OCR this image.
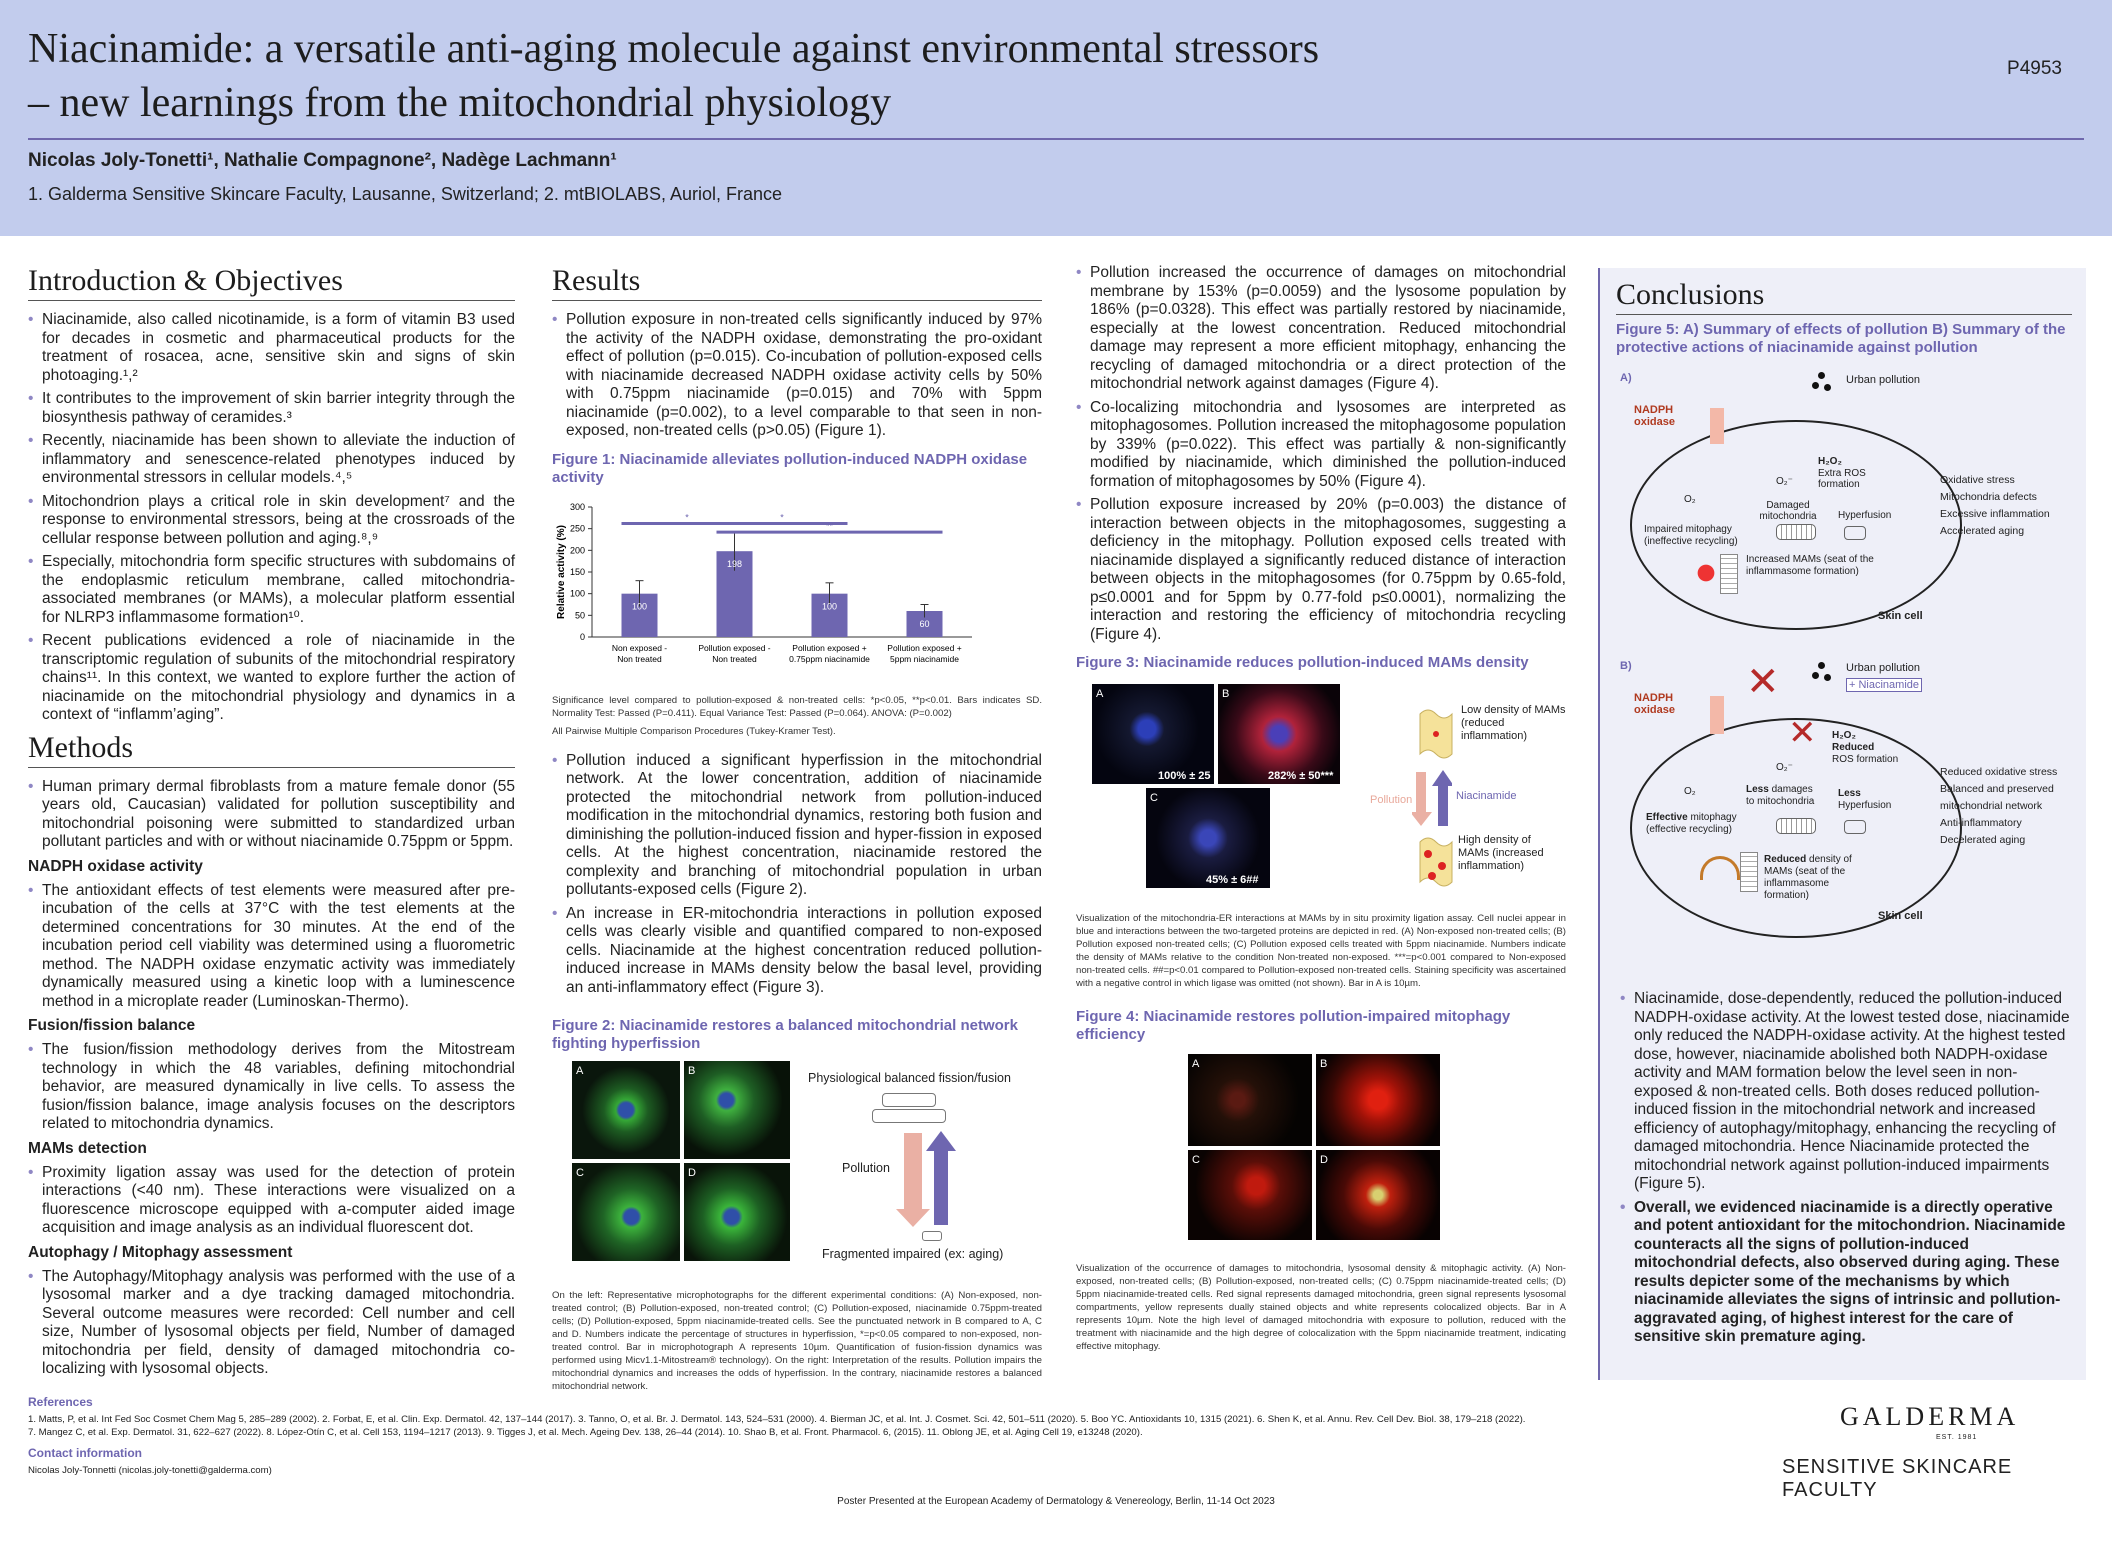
Niacinamide: a versatile anti-aging molecule against environmental stressors
– new learnings from the mitochondrial physiology
P4953
Nicolas Joly-Tonetti¹, Nathalie Compagnone², Nadège Lachmann¹
1. Galderma Sensitive Skincare Faculty, Lausanne, Switzerland; 2. mtBIOLABS, Auriol, France
Introduction & Objectives
• Niacinamide, also called nicotinamide, is a form of vitamin B3 used for decades in cosmetic and pharmaceutical products for the treatment of rosacea, acne, sensitive skin and signs of skin photoaging.¹,²
• It contributes to the improvement of skin barrier integrity through the biosynthesis pathway of ceramides.³
• Recently, niacinamide has been shown to alleviate the induction of inflammatory and senescence-related phenotypes induced by environmental stressors in cellular models.⁴,⁵
• Mitochondrion plays a critical role in skin development⁷ and the response to environmental stressors, being at the crossroads of the cellular response between pollution and aging.⁸,⁹
• Especially, mitochondria form specific structures with subdomains of the endoplasmic reticulum membrane, called mitochondria-associated membranes (or MAMs), a molecular platform essential for NLRP3 inflammasome formation¹⁰.
• Recent publications evidenced a role of niacinamide in the transcriptomic regulation of subunits of the mitochondrial respiratory chains¹¹. In this context, we wanted to explore further the action of niacinamide on the mitochondrial physiology and dynamics in a context of “inflamm’aging”.
Methods
• Human primary dermal fibroblasts from a mature female donor (55 years old, Caucasian) validated for pollution susceptibility and mitochondrial poisoning were submitted to standardized urban pollutant particles and with or without niacinamide 0.75ppm or 5ppm.
NADPH oxidase activity
• The antioxidant effects of test elements were measured after pre-incubation of the cells at 37°C with the test elements at the determined concentrations for 30 minutes. At the end of the incubation period cell viability was determined using a fluorometric method. The NADPH oxidase enzymatic activity was immediately dynamically measured using a kinetic loop with a luminescence method in a microplate reader (Luminoskan-Thermo).
Fusion/fission balance
• The fusion/fission methodology derives from the Mitostream technology in which the 48 variables, defining mitochondrial behavior, are measured dynamically in live cells. To assess the fusion/fission balance, image analysis focuses on the descriptors related to mitochondria dynamics.
MAMs detection
• Proximity ligation assay was used for the detection of protein interactions (<40 nm). These interactions were visualized on a fluorescence microscope equipped with a-computer aided image acquisition and image analysis as an individual fluorescent dot.
Autophagy / Mitophagy assessment
• The Autophagy/Mitophagy analysis was performed with the use of a lysosomal marker and a dye tracking damaged mitochondria. Several outcome measures were recorded: Cell number and cell size, Number of lysosomal objects per field, Number of damaged mitochondria per field, density of damaged mitochondria co-localizing with lysosomal objects.
Results
• Pollution exposure in non-treated cells significantly induced by 97% the activity of the NADPH oxidase, demonstrating the pro-oxidant effect of pollution (p=0.015). Co-incubation of pollution-exposed cells with niacinamide decreased NADPH oxidase activity cells by 50% with 0.75ppm niacinamide (p=0.015) and 70% with 5ppm niacinamide (p=0.002), to a level comparable to that seen in non-exposed, non-treated cells (p>0.05) (Figure 1).
Figure 1: Niacinamide alleviates pollution-induced NADPH oxidase activity
Relative activity (%)
0
50
100
150
200
250
300
100
Non exposed -
Non treated
198
Pollution exposed -
Non treated
100
Pollution exposed +
0.75ppm niacinamide
60
Pollution exposed +
5ppm niacinamide
*	*
**
Significance level compared to pollution-exposed & non-treated cells: *p<0.05, **p<0.01. Bars indicates SD. Normality Test: Passed (P=0.411). Equal Variance Test: Passed (P=0.064). ANOVA: (P=0.002)
All Pairwise Multiple Comparison Procedures (Tukey-Kramer Test).
• Pollution induced a significant hyperfission in the mitochondrial network. At the lower concentration, addition of niacinamide protected the mitochondrial network from pollution-induced modification in the mitochondrial dynamics, restoring both fusion and diminishing the pollution-induced fission and hyper-fission in exposed cells. At the highest concentration, niacinamide restored the complexity and branching of mitochondrial population in urban pollutants-exposed cells (Figure 2).
• An increase in ER-mitochondria interactions in pollution exposed cells was clearly visible and quantified compared to non-exposed cells. Niacinamide at the highest concentration reduced pollution-induced increase in MAMs density below the basal level, providing an anti-inflammatory effect (Figure 3).
Figure 2: Niacinamide restores a balanced mitochondrial network fighting hyperfission
A	B
C	D
Physiological balanced fission/fusion
Pollution
Fragmented impaired (ex: aging)
On the left: Representative microphotographs for the different experimental conditions: (A) Non-exposed, non-treated control; (B) Pollution-exposed, non-treated control; (C) Pollution-exposed, niacinamide 0.75ppm-treated cells; (D) Pollution-exposed, 5ppm niacinamide-treated cells. See the punctuated network in B compared to A, C and D. Numbers indicate the percentage of structures in hyperfission, *=p<0.05 compared to non-exposed, non-treated control. Bar in microphotograph A represents 10µm. Quantification of fusion-fission dynamics was performed using Micv1.1-Mitostream® technology). On the right: Interpretation of the results. Pollution impairs the mitochondrial dynamics and increases the odds of hyperfission. In the contrary, niacinamide restores a balanced mitochondrial network.
• Pollution increased the occurrence of damages on mitochondrial membrane by 153% (p=0.0059) and the lysosome population by 186% (p=0.0328). This effect was partially restored by niacinamide, especially at the lowest concentration. Reduced mitochondrial damage may represent a more efficient mitophagy, enhancing the recycling of damaged mitochondria or a direct protection of the mitochondrial network against damages (Figure 4).
• Co-localizing mitochondria and lysosomes are interpreted as mitophagosomes. Pollution increased the mitophagosome population by 339% (p=0.022). This effect was partially & non-significantly modified by niacinamide, which diminished the pollution-induced formation of mitophagosomes by 50% (Figure 4).
• Pollution exposure increased by 20% (p=0.003) the distance of interaction between objects in the mitophagosomes, suggesting a deficiency in the mitophagy. Pollution exposed cells treated with niacinamide displayed a significantly reduced distance of interaction between objects in the mitophagosomes (for 0.75ppm by 0.65-fold, p≤0.0001 and for 5ppm by 0.77-fold p≤0.0001), normalizing the interaction and restoring the efficiency of mitochondria recycling (Figure 4).
Figure 3: Niacinamide reduces pollution-induced MAMs density
A
100% ± 25
B
282% ± 50***
C
45% ± 6##
Low density of MAMs (reduced inflammation)
Pollution	Niacinamide
High density of MAMs (increased inflammation)
Visualization of the mitochondria-ER interactions at MAMs by in situ proximity ligation assay. Cell nuclei appear in blue and interactions between the two-targeted proteins are depicted in red. (A) Non-exposed non-treated cells; (B) Pollution exposed non-treated cells; (C) Pollution exposed cells treated with 5ppm niacinamide. Numbers indicate the density of MAMs relative to the condition Non-treated non-exposed. ***=p<0.001 compared to Non-exposed non-treated cells. ##=p<0.01 compared to Pollution-exposed non-treated cells. Staining specificity was ascertained with a negative control in which ligase was omitted (not shown). Bar in A is 10µm.
Figure 4: Niacinamide restores pollution-impaired mitophagy efficiency
A	B
C	D
Visualization of the occurrence of damages to mitochondria, lysosomal density & mitophagic activity. (A) Non-exposed, non-treated cells; (B) Pollution-exposed, non-treated cells; (C) 0.75ppm niacinamide-treated cells; (D) 5ppm niacinamide-treated cells. Red signal represents damaged mitochondria, green signal represents lysosomal compartments, yellow represents dually stained objects and white represents colocalized objects. Bar in A represents 10µm. Note the high level of damaged mitochondria with exposure to pollution, reduced with the treatment with niacinamide and the high degree of colocalization with the 5ppm niacinamide treatment, indicating effective mitophagy.
Conclusions
Figure 5: A) Summary of effects of pollution B) Summary of the protective actions of niacinamide against pollution
A)
NADPH oxidase
Urban pollution
O₂
O₂⁻
H₂O₂
Extra ROS formation
Damaged mitochondria	Hyperfusion
Impaired mitophagy (ineffective recycling)
Increased MAMs (seat of the inflammasome formation)
Skin cell
Oxidative stress
Mitochondria defects
Excessive inflammation
Accelerated aging
B)
NADPH oxidase
✕
✕
Urban pollution
+ Niacinamide
O₂
O₂⁻
H₂O₂
Reduced
ROS formation
Less damages
to mitochondria
Less
Hyperfusion
Effective mitophagy
(effective recycling)
Reduced density of MAMs (seat of the inflammasome formation)
Skin cell
Reduced oxidative stress
Balanced and preserved mitochondrial network
Anti-inflammatory
Decelerated aging
• Niacinamide, dose-dependently, reduced the pollution-induced NADPH-oxidase activity. At the lowest tested dose, niacinamide only reduced the NADPH-oxidase activity. At the highest tested dose, however, niacinamide abolished both NADPH-oxidase activity and MAM formation below the level seen in non-exposed & non-treated cells. Both doses reduced pollution-induced fission in the mitochondrial network and increased efficiency of autophagy/mitophagy, enhancing the recycling of damaged mitochondria. Hence Niacinamide protected the mitochondrial network against pollution-induced impairments (Figure 5).
• Overall, we evidenced niacinamide is a directly operative and potent antioxidant for the mitochondrion. Niacinamide counteracts all the signs of pollution-induced mitochondrial defects, also observed during aging. These results depicter some of the mechanisms by which niacinamide alleviates the signs of intrinsic and pollution-aggravated aging, of highest interest for the care of sensitive skin premature aging.
References
1. Matts, P, et al. Int Fed Soc Cosmet Chem Mag 5, 285–289 (2002). 2. Forbat, E, et al. Clin. Exp. Dermatol. 42, 137–144 (2017). 3. Tanno, O, et al. Br. J. Dermatol. 143, 524–531 (2000). 4. Bierman JC, et al. Int. J. Cosmet. Sci. 42, 501–511 (2020). 5. Boo YC. Antioxidants 10, 1315 (2021). 6. Shen K, et al. Annu. Rev. Cell Dev. Biol. 38, 179–218 (2022).
7. Mangez C, et al. Exp. Dermatol. 31, 622–627 (2022). 8. López-Otín C, et al. Cell 153, 1194–1217 (2013). 9. Tigges J, et al. Mech. Ageing Dev. 138, 26–44 (2014). 10. Shao B, et al. Front. Pharmacol. 6, (2015). 11. Oblong JE, et al. Aging Cell 19, e13248 (2020).
Contact information
Nicolas Joly-Tonnetti (nicolas.joly-tonetti@galderma.com)
Poster Presented at the European Academy of Dermatology & Venereology, Berlin, 11-14 Oct 2023
GALDERMA
EST. 1981
SENSITIVE SKINCARE FACULTY
